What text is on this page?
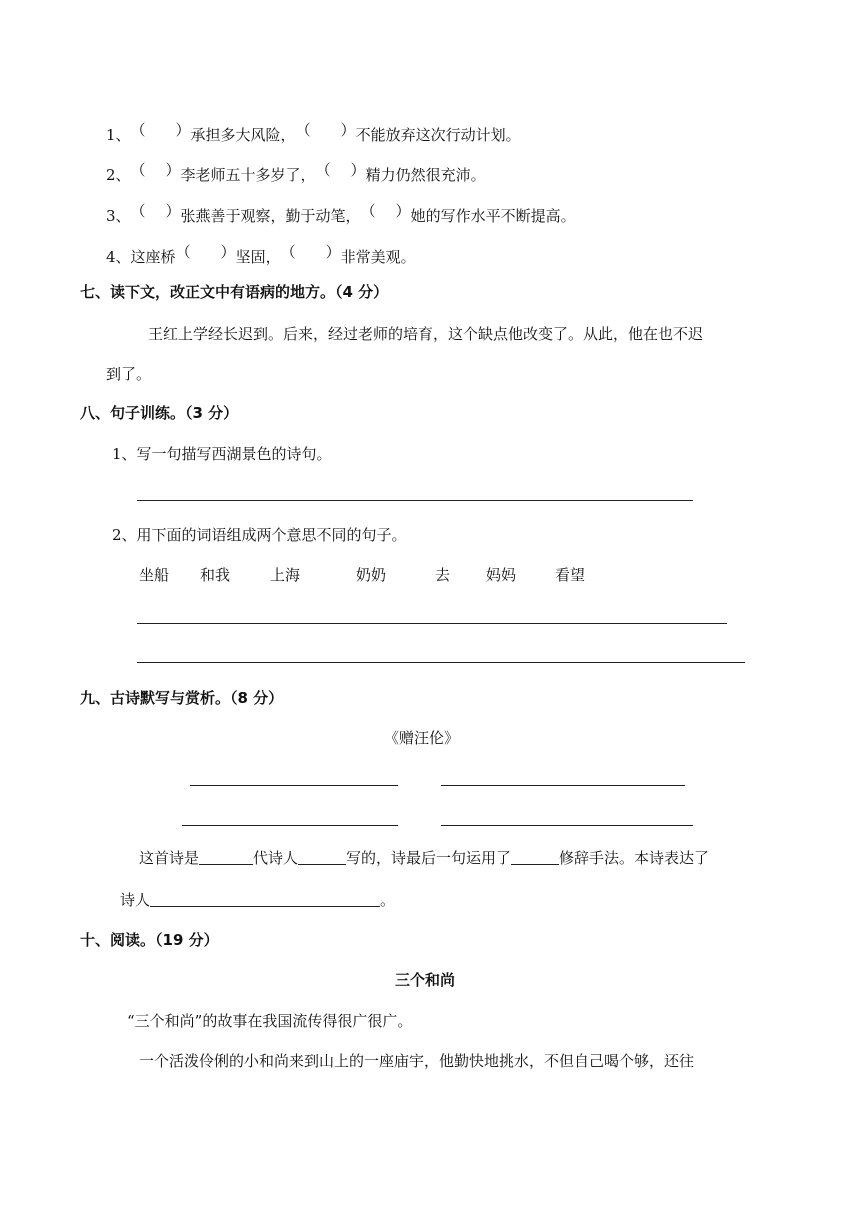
1、 （ ） 承担多大风险， （ ） 不能放弃这次行动计划。
2、 （ ） 李老师五十多岁了， （ ） 精力仍然很充沛。
3、 （ ） 张燕善于观察，勤于动笔， （ ） 她的写作水平不断提高。
4、这座桥 （ ） 坚固， （ ） 非常美观。
七、读下文，改正文中有语病的地方。（4 分）
王红上学经长迟到。后来，经过老师的培育，这个缺点他改变了。从此，他在也不迟
到了。
八、句子训练。（3 分）
1、写一句描写西湖景色的诗句。
2、用下面的词语组成两个意思不同的句子。
坐船 和我	上海	奶奶	去 妈妈	看望
九、古诗默写与赏析。（8 分）
《赠汪伦》
这首诗是	代诗人	写的，诗最后一句运用了	修辞手法。本诗表达了
诗人	。
十、阅读。（19 分）
三个和尚
“三个和尚”的故事在我国流传得很广很广。
一个活泼伶俐的小和尚来到山上的一座庙宇，他勤快地挑水，不但自己喝个够，还往
